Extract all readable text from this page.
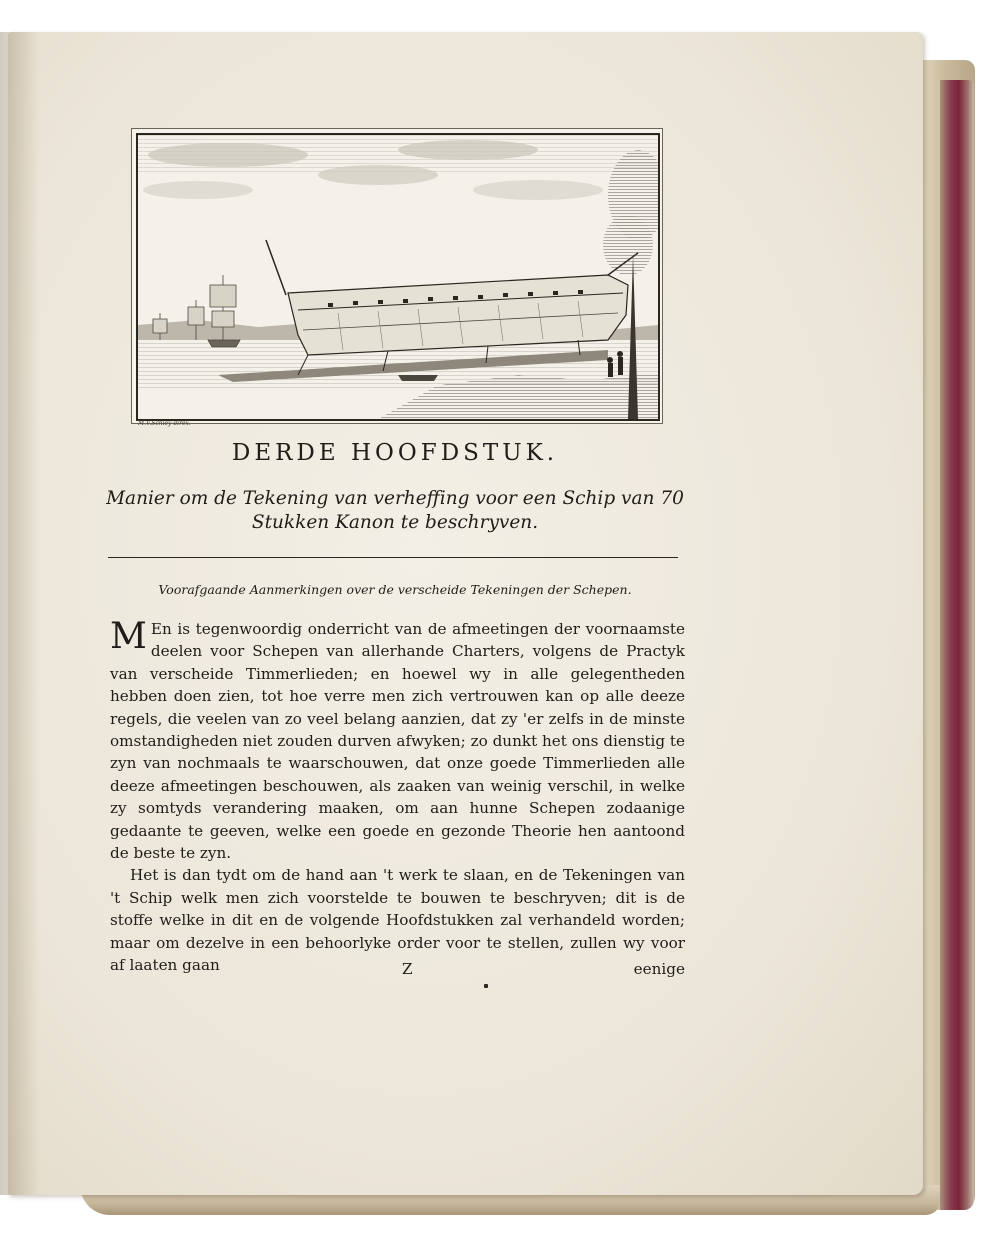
M.V.Schley direx.
DERDE HOOFDSTUK.
Manier om de Tekening van verheffing voor een Schip van 70
Stukken Kanon te beschryven.
Voorafgaande Aanmerkingen over de verscheide Tekeningen der Schepen.

M En is tegenwoordig onderricht van de afmeetingen der voornaamste deelen voor Schepen van allerhande Charters, volgens de Practyk van verscheide Timmerlieden; en hoewel wy in alle gelegentheden hebben doen zien, tot hoe verre men zich vertrouwen kan op alle deeze regels, die veelen van zo veel belang aanzien, dat zy 'er zelfs in de minste omstandigheden niet zouden durven afwyken; zo dunkt het ons dienstig te zyn van nochmaals te waarschouwen, dat onze goede Timmerlieden alle deeze afmeetingen beschouwen, als zaaken van weinig verschil, in welke zy somtyds verandering maaken, om aan hunne Schepen zodaanige gedaante te geeven, welke een goede en gezonde Theorie hen aantoond de beste te zyn.

Het is dan tydt om de hand aan 't werk te slaan, en de Tekeningen van 't Schip welk men zich voorstelde te bouwen te beschryven; dit is de stoffe welke in dit en de volgende Hoofdstukken zal verhandeld worden; maar om dezelve in een behoorlyke order voor te stellen, zullen wy voor af laaten gaan	Z	eenige
